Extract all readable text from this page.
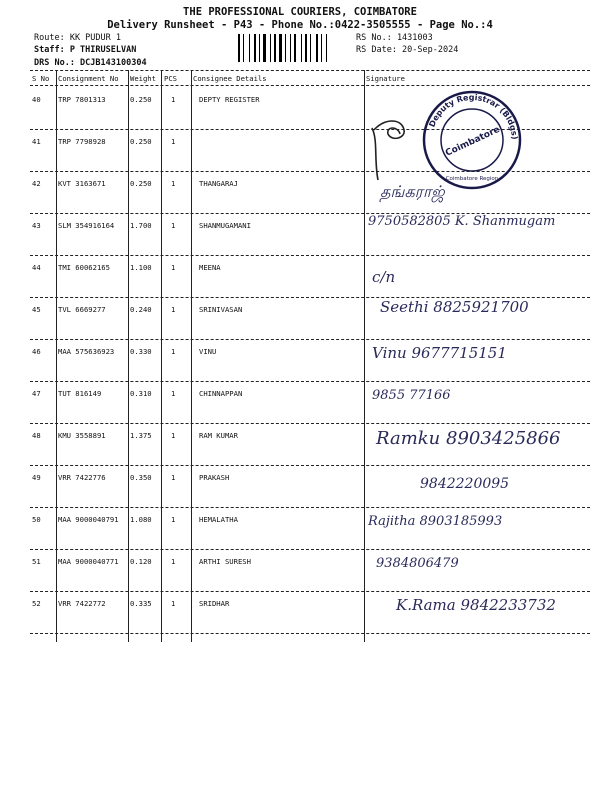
THE PROFESSIONAL COURIERS, COIMBATORE
Delivery Runsheet - P43 - Phone No.:0422-3505555 - Page No.:4
Route: KK PUDUR 1
Staff: P THIRUSELVAN
DRS No.: DCJB143100304
RS No.: 1431003
RS Date: 20-Sep-2024
S No Consignment No Weight PCS Consignee Details	Signature
40 TRP 7801313	0.250	1	DEPTY REGISTER
41 TRP 7798928	0.250	1
42 KVT 3163671	0.250	1	THANGARAJ	தங்கராஜ்
43 SLM 354916164 1.700	1	SHANMUGAMANI	9750582805 K. Shanmugam
44 TMI 60062165	1.100	1	MEENA
c/n
45 TVL 6669277	0.240	1	SRINIVASAN	Seethi 8825921700
46 MAA 575636923 0.330	1	VINU	Vinu 9677715151
47 TUT 816149	0.310	1	CHINNAPPAN	9855 77166
48 KMU 3558891	1.375	1	RAM KUMAR	Ramku 8903425866
49 VRR 7422776	0.350	1	PRAKASH	9842220095
50 MAA 9000040791 1.080	1	HEMALATHA	Rajitha 8903185993
51 MAA 9000040771 0.120	1	ARTHI SURESH	9384806479
52 VRR 7422772	0.335	1	SRIDHAR	K.Rama 9842233732
Deputy Registrar (Bldgs)
Coimbatore
Coimbatore Region
